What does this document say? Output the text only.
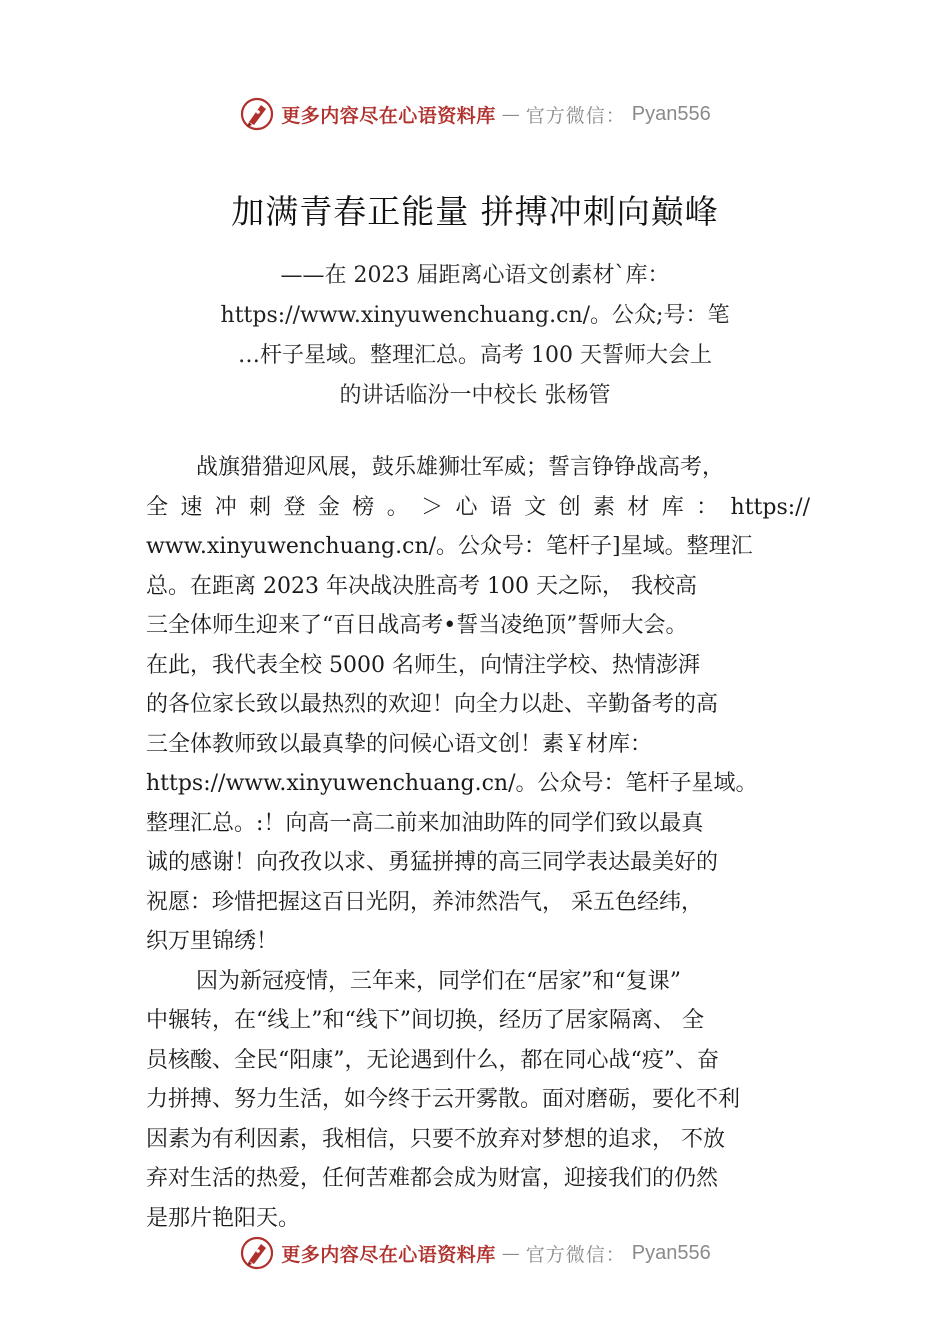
更多内容尽在心语资料库 — 官方微信： Pyan556
加满青春正能量 拼搏冲刺向巅峰
——在 2023 届距离心语文创素材`库：
https://www.xinyuwenchuang.cn/。公众;号：笔
…杆子星域。整理汇总。高考 100 天誓师大会上
的讲话临汾一中校长 张杨管
战旗猎猎迎风展，鼓乐雄狮壮军威；誓言铮铮战高考，
全速冲刺登金榜。＞心语文创素材库：https://
www.xinyuwenchuang.cn/。公众号：笔杆子]星域。整理汇
总。在距离 2023 年决战决胜高考 100 天之际， 我校高
三全体师生迎来了“百日战高考•誓当凌绝顶”誓师大会。
在此，我代表全校 5000 名师生，向情注学校、热情澎湃
的各位家长致以最热烈的欢迎！向全力以赴、辛勤备考的高
三全体教师致以最真挚的问候心语文创！素￥材库：
https://www.xinyuwenchuang.cn/。公众号：笔杆子星域。
整理汇总。:！向高一高二前来加油助阵的同学们致以最真
诚的感谢！向孜孜以求、勇猛拼搏的高三同学表达最美好的
祝愿：珍惜把握这百日光阴，养沛然浩气， 采五色经纬，
织万里锦绣！
因为新冠疫情，三年来，同学们在“居家”和“复课”
中辗转，在“线上”和“线下”间切换，经历了居家隔离、 全
员核酸、全民“阳康”，无论遇到什么，都在同心战“疫”、奋
力拼搏、努力生活，如今终于云开雾散。面对磨砺，要化不利
因素为有利因素，我相信，只要不放弃对梦想的追求， 不放
弃对生活的热爱，任何苦难都会成为财富，迎接我们的仍然
是那片艳阳天。
更多内容尽在心语资料库 — 官方微信： Pyan556
